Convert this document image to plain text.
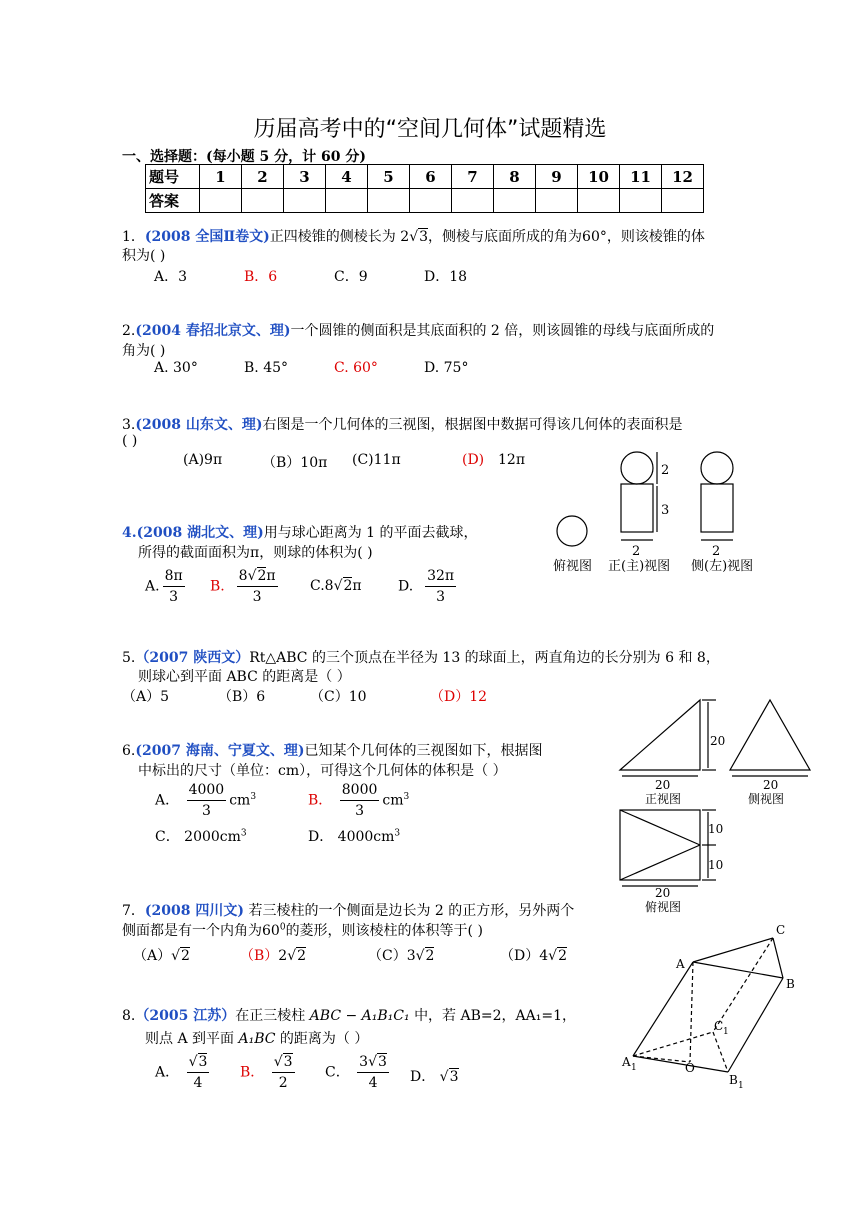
历届高考中的“空间几何体”试题精选
一、选择题：(每小题 5 分，计 60 分)
题号	1	2	3	4	5	6	7	8	9	10	11	12
答案												
1．(2008 全国Ⅱ卷文)正四棱锥的侧棱长为 2√3，侧棱与底面所成的角为60°，则该棱锥的体
积为( )
A．3	B．6	C．9	D．18
2.(2004 春招北京文、理)一个圆锥的侧面积是其底面积的 2 倍，则该圆锥的母线与底面所成的
角为( )
A. 30°	B. 45°	C. 60°	D. 75°
3.(2008 山东文、理)右图是一个几何体的三视图，根据图中数据可得该几何体的表面积是
( )
(A)9π	（B）10π (C)11π	(D) 12π
4.(2008 湖北文、理)用与球心距离为 1 的平面去截球，
所得的截面面积为π，则球的体积为( )
A. $\frac{8\pi}{3} B$. $\frac{8√2\pi}{3} C.8√2\pi$	D. $\frac{32\pi}{3}$
5.（2007 陕西文）Rt△ABC 的三个顶点在半径为 13 的球面上，两直角边的长分别为 6 和 8，
则球心到平面 ABC 的距离是（ ）
（A）5	（B）6	（C）10	（D）12
6.(2007 海南、宁夏文、理)已知某个几何体的三视图如下，根据图
中标出的尺寸（单位：cm），可得这个几何体的体积是（ ）
A． $\frac{4000}{3} cm^3$	B． $\frac{8000}{3} cm^3$
C． $2000cm^3$	D． $4000cm^3$
7．(2008 四川文) 若三棱柱的一个侧面是边长为 2 的正方形，另外两个
侧面都是有一个内角为$60^0$的菱形，则该棱柱的体积等于( )
（A）√2	（B）2√2	（C）3√2	（D）4√2
8.（2005 江苏）在正三棱柱 ABC − A₁B₁C₁ 中，若 AB=2，AA₁=1，
则点 A 到平面 A₁BC 的距离为（ ）
A． $\frac{√3}{4}$ B． $\frac{√3}{2}$ C． $\frac{3√3}{4}$ D． √3
俯视图 正(主)视图 侧(左)视图
2
3
2	2
20
20	20
正视图	侧视图
10
10
20
俯视图
A
C
B
C 1
A 1	O
B 1
